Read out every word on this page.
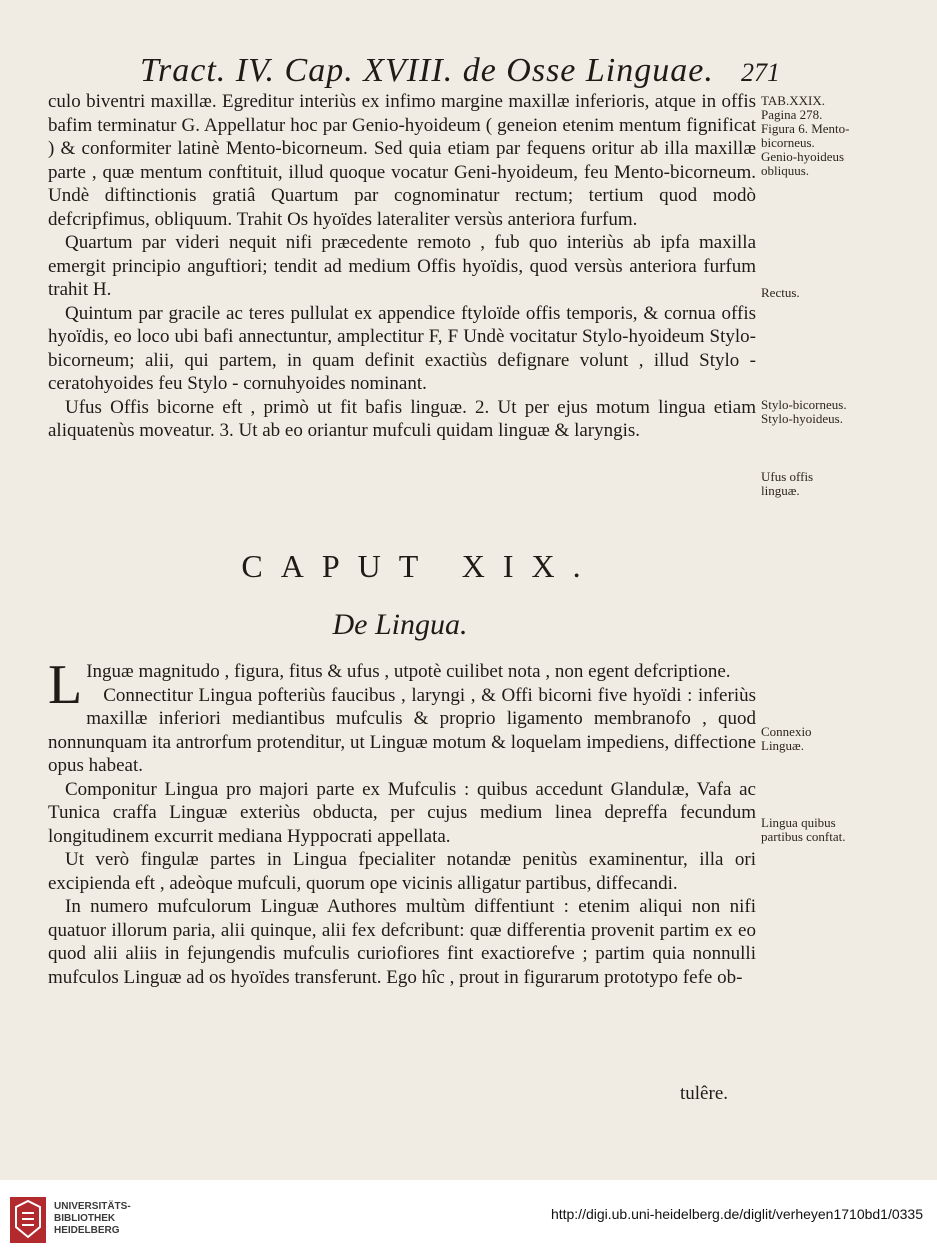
Tract. IV. Cap. XVIII. de Osse Linguae. 271

culo biventri maxillæ. Egreditur interiùs ex infimo margine maxillæ inferioris, atque in offis bafim terminatur G. Appellatur hoc par Genio-hyoideum ( geneion etenim mentum fignificat ) & conformiter latinè Mento-bicorneum. Sed quia etiam par fequens oritur ab illa maxillæ parte , quæ mentum conftituit, illud quoque vocatur Geni-hyoideum, feu Mento-bicorneum. Undè diftinctionis gratiâ Quartum par cognominatur rectum; tertium quod modò defcripfimus, obliquum. Trahit Os hyoïdes lateraliter versùs anteriora furfum.

Quartum par videri nequit nifi præcedente remoto , fub quo interiùs ab ipfa maxilla emergit principio anguftiori; tendit ad medium Offis hyoïdis, quod versùs anteriora furfum trahit H.

Quintum par gracile ac teres pullulat ex appendice ftyloïde offis temporis, & cornua offis hyoïdis, eo loco ubi bafi annectuntur, amplectitur F, F Undè vocitatur Stylo-hyoideum Stylo-bicorneum; alii, qui partem, in quam definit exactiùs defignare volunt , illud Stylo - ceratohyoides feu Stylo - cornuhyoides nominant.

Ufus Offis bicorne eft , primò ut fit bafis linguæ. 2. Ut per ejus motum lingua etiam aliquatenùs moveatur. 3. Ut ab eo oriantur mufculi quidam linguæ & laryngis.

CAPUT XIX.
De Lingua.

L Inguæ magnitudo , figura, fitus & ufus , utpotè cuilibet nota , non egent defcriptione.

Connectitur Lingua pofteriùs faucibus , laryngi , & Offi bicorni five hyoïdi : inferiùs maxillæ inferiori mediantibus mufculis & proprio ligamento membranofo , quod nonnunquam ita antrorfum protenditur, ut Linguæ motum & loquelam impediens, diffectione opus habeat.

Componitur Lingua pro majori parte ex Mufculis : quibus accedunt Glandulæ, Vafa ac Tunica craffa Linguæ exteriùs obducta, per cujus medium linea depreffa fecundum longitudinem excurrit mediana Hyppocrati appellata.

Ut verò fingulæ partes in Lingua fpecialiter notandæ penitùs examinentur, illa ori excipienda eft , adeòque mufculi, quorum ope vicinis alligatur partibus, diffecandi.

In numero mufculorum Linguæ Authores multùm diffentiunt : etenim aliqui non nifi quatuor illorum paria, alii quinque, alii fex defcribunt: quæ differentia provenit partim ex eo quod alii aliis in fejungendis mufculis curiofiores fint exactiorefve ; partim quia nonnulli mufculos Linguæ ad os hyoïdes transferunt. Ego hîc , prout in figurarum prototypo fefe ob-

tulêre.
TAB.XXIX. Pagina 278. Figura 6. Mento-bicorneus. Genio-hyoideus obliquus.
Rectus.
Stylo-bicorneus. Stylo-hyoideus.
Ufus offis linguæ.
Connexio Linguæ.
Lingua quibus partibus conftat.
UNIVERSITÄTS- BIBLIOTHEK HEIDELBERG
http://digi.ub.uni-heidelberg.de/diglit/verheyen1710bd1/0335
